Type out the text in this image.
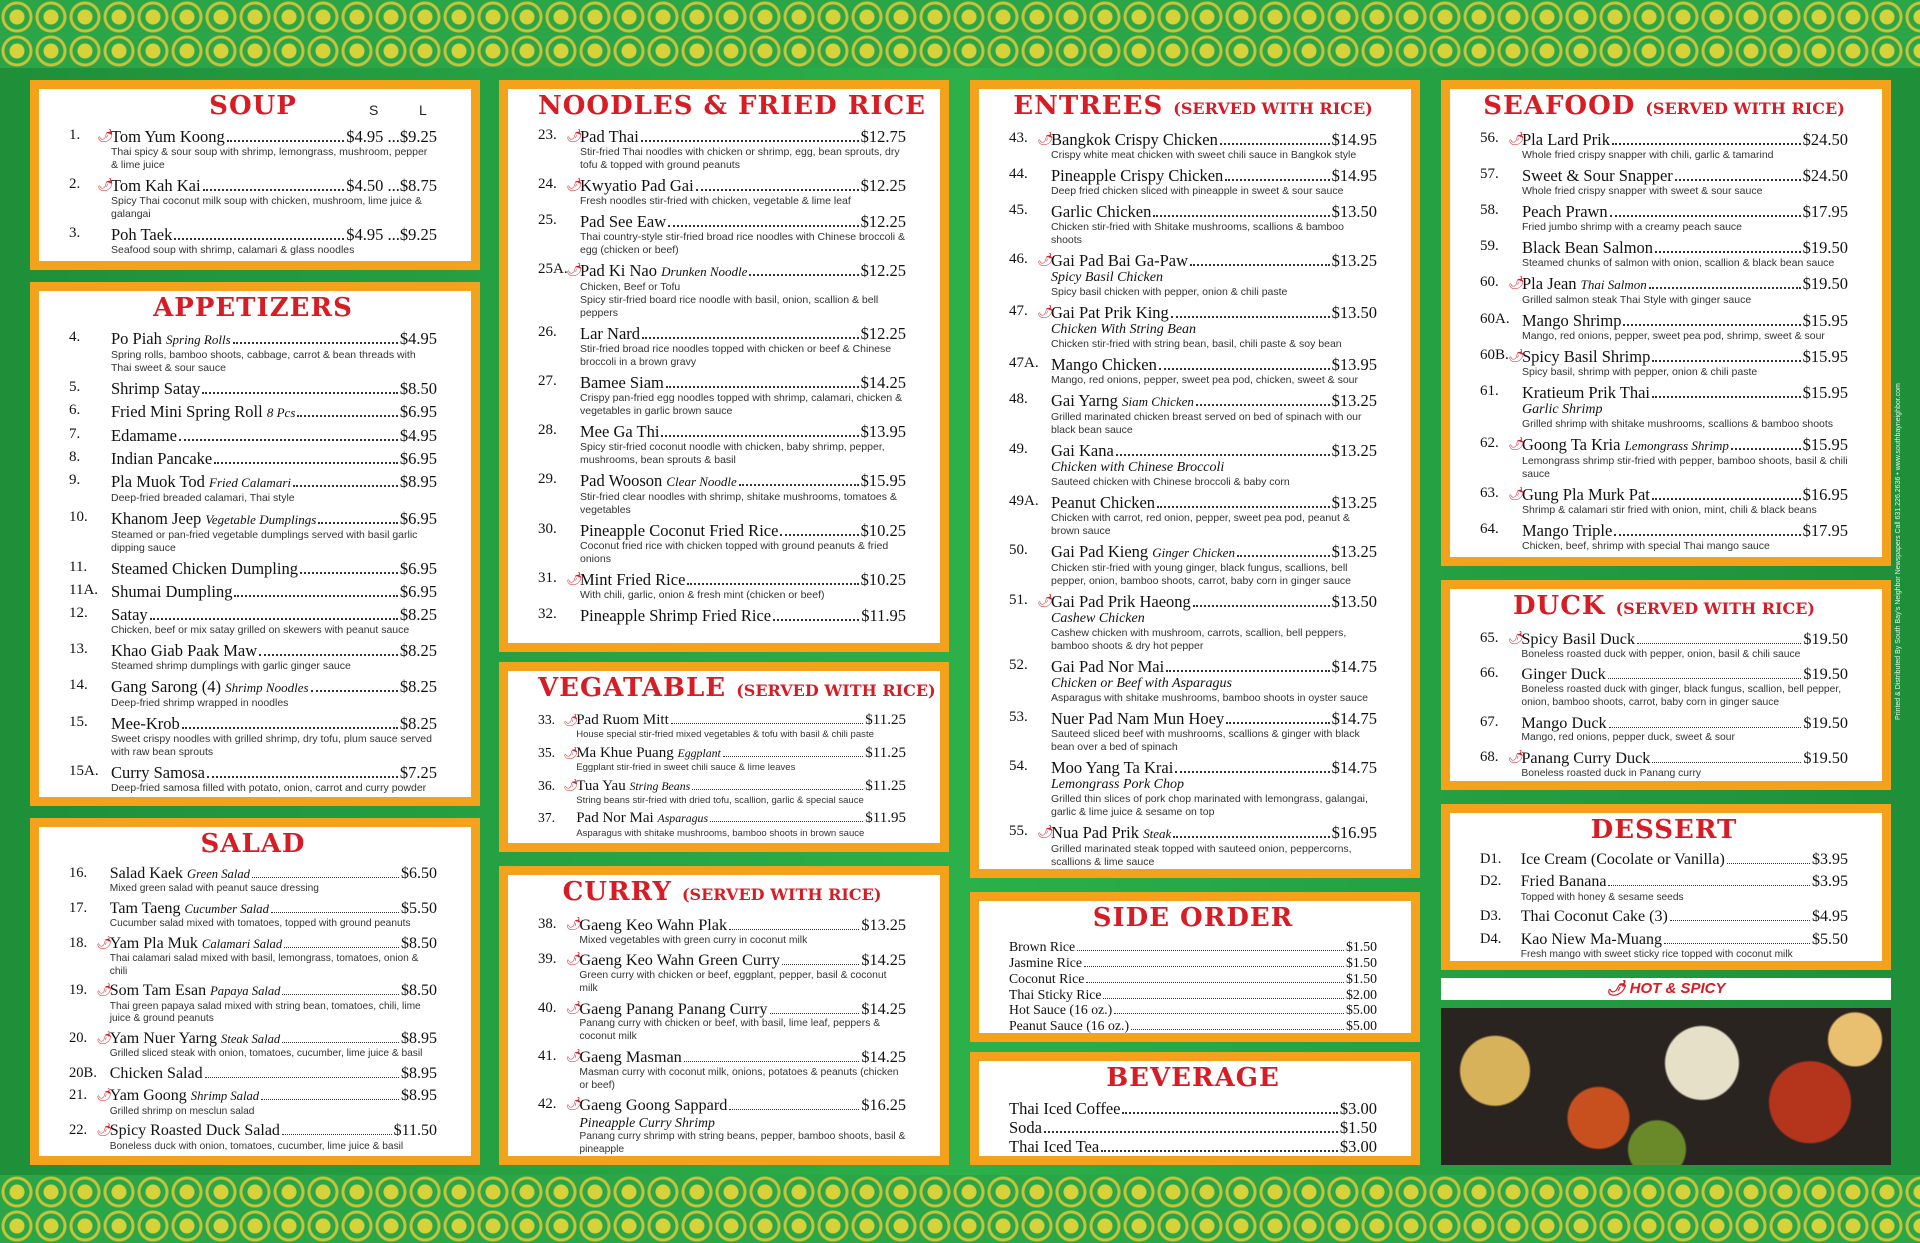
SOUP	S	L
1. 🌶
Tom Yum Koong	$4.95 ...$9.25
Thai spicy & sour soup with shrimp, lemongrass, mushroom, pepper & lime juice
2. 🌶
Tom Kah Kai	$4.50 ...$8.75
Spicy Thai coconut milk soup with chicken, mushroom, lime juice & galangai
3. Poh Taek	$4.95 ...$9.25
Seafood soup with shrimp, calamari & glass noodles
APPETIZERS
4. Po Piah Spring Rolls	$4.95
Spring rolls, bamboo shoots, cabbage, carrot & bean threads with Thai sweet & sour sauce
5. Shrimp Satay	$8.50
6. Fried Mini Spring Roll 8 Pcs	$6.95
7. Edamame	$4.95
8. Indian Pancake	$6.95
9. Pla Muok Tod Fried Calamari	$8.95
Deep-fried breaded calamari, Thai style
10. Khanom Jeep Vegetable Dumplings	$6.95
Steamed or pan-fried vegetable dumplings served with basil garlic dipping sauce
11. Steamed Chicken Dumpling	$6.95
11A. Shumai Dumpling	$6.95
12. Satay	$8.25
Chicken, beef or mix satay grilled on skewers with peanut sauce
13. Khao Giab Paak Maw	$8.25
Steamed shrimp dumplings with garlic ginger sauce
14. Gang Sarong (4) Shrimp Noodles	$8.25
Deep-fried shrimp wrapped in noodles
15. Mee-Krob	$8.25
Sweet crispy noodles with grilled shrimp, dry tofu, plum sauce served with raw bean sprouts
15A. Curry Samosa	$7.25
Deep-fried samosa filled with potato, onion, carrot and curry powder
SALAD
16. Salad Kaek Green Salad	$6.50
Mixed green salad with peanut sauce dressing
17. Tam Taeng Cucumber Salad	$5.50
Cucumber salad mixed with tomatoes, topped with ground peanuts
18. 🌶
Yam Pla Muk Calamari Salad	$8.50
Thai calamari salad mixed with basil, lemongrass, tomatoes, onion & chili
19. 🌶
Som Tam Esan Papaya Salad	$8.50
Thai green papaya salad mixed with string bean, tomatoes, chili, lime juice & ground peanuts
20. 🌶
Yam Nuer Yarng Steak Salad	$8.95
Grilled sliced steak with onion, tomatoes, cucumber, lime juice & basil
20B. Chicken Salad	$8.95
21. 🌶
Yam Goong Shrimp Salad	$8.95
Grilled shrimp on mesclun salad
22. 🌶
Spicy Roasted Duck Salad	$11.50
Boneless duck with onion, tomatoes, cucumber, lime juice & basil
NOODLES & FRIED RICE
23. 🌶
Pad Thai	$12.75
Stir-fried Thai noodles with chicken or shrimp, egg, bean sprouts, dry tofu & topped with ground peanuts
24. 🌶
Kwyatio Pad Gai	$12.25
Fresh noodles stir-fried with chicken, vegetable & lime leaf
25. Pad See Eaw	$12.25
Thai country-style stir-fried broad rice noodles with Chinese broccoli & egg (chicken or beef)
25A.
🌶
Pad Ki Nao Drunken Noodle	$12.25
Chicken, Beef or Tofu
Spicy stir-fried board rice noodle with basil, onion, scallion & bell peppers
26. Lar Nard	$12.25
Stir-fried broad rice noodles topped with chicken or beef & Chinese broccoli in a brown gravy
27. Bamee Siam	$14.25
Crispy pan-fried egg noodles topped with shrimp, calamari, chicken & vegetables in garlic brown sauce
28. Mee Ga Thi	$13.95
Spicy stir-fried coconut noodle with chicken, baby shrimp, pepper, mushrooms, bean sprouts & basil
29. Pad Wooson Clear Noodle	$15.95
Stir-fried clear noodles with shrimp, shitake mushrooms, tomatoes & vegetables
30. Pineapple Coconut Fried Rice	$10.25
Coconut fried rice with chicken topped with ground peanuts & fried onions
31. 🌶
Mint Fried Rice	$10.25
With chili, garlic, onion & fresh mint (chicken or beef)
32. Pineapple Shrimp Fried Rice	$11.95
VEGATABLE (SERVED WITH RICE)
33. 🌶
Pad Ruom Mitt	$11.25
House special stir-fried mixed vegetables & tofu with basil & chili paste
35. 🌶
Ma Khue Puang Eggplant	$11.25
Eggplant stir-fried in sweet chili sauce & lime leaves
36. 🌶
Tua Yau String Beans	$11.25
String beans stir-fried with dried tofu, scallion, garlic & special sauce
37. Pad Nor Mai Asparagus	$11.95
Asparagus with shitake mushrooms, bamboo shoots in brown sauce
CURRY (SERVED WITH RICE)
38. 🌶
Gaeng Keo Wahn Plak	$13.25
Mixed vegetables with green curry in coconut milk
39. 🌶
Gaeng Keo Wahn Green Curry	$14.25
Green curry with chicken or beef, eggplant, pepper, basil & coconut milk
40. 🌶
Gaeng Panang Panang Curry	$14.25
Panang curry with chicken or beef, with basil, lime leaf, peppers & coconut milk
41. 🌶
Gaeng Masman	$14.25
Masman curry with coconut milk, onions, potatoes & peanuts (chicken or beef)
42. 🌶
Gaeng Goong Sappard	$16.25
Pineapple Curry Shrimp
Panang curry shrimp with string beans, pepper, bamboo shoots, basil & pineapple
ENTREES (SERVED WITH RICE)
43. 🌶
Bangkok Crispy Chicken	$14.95
Crispy white meat chicken with sweet chili sauce in Bangkok style
44. Pineapple Crispy Chicken	$14.95
Deep fried chicken sliced with pineapple in sweet & sour sauce
45. Garlic Chicken	$13.50
Chicken stir-fried with Shitake mushrooms, scallions & bamboo shoots
46. 🌶
Gai Pad Bai Ga-Paw	$13.25
Spicy Basil Chicken
Spicy basil chicken with pepper, onion & chili paste
47. 🌶
Gai Pat Prik King	$13.50
Chicken With String Bean
Chicken stir-fried with string bean, basil, chili paste & soy bean
47A. Mango Chicken	$13.95
Mango, red onions, pepper, sweet pea pod, chicken, sweet & sour
48. Gai Yarng Siam Chicken	$13.25
Grilled marinated chicken breast served on bed of spinach with our black bean sauce
49. Gai Kana	$13.25
Chicken with Chinese Broccoli
Sauteed chicken with Chinese broccoli & baby corn
49A. Peanut Chicken	$13.25
Chicken with carrot, red onion, pepper, sweet pea pod, peanut & brown sauce
50. Gai Pad Kieng Ginger Chicken	$13.25
Chicken stir-fried with young ginger, black fungus, scallions, bell pepper, onion, bamboo shoots, carrot, baby corn in ginger sauce
51. 🌶
Gai Pad Prik Haeong	$13.50
Cashew Chicken
Cashew chicken with mushroom, carrots, scallion, bell peppers, bamboo shoots & dry hot pepper
52. Gai Pad Nor Mai	$14.75
Chicken or Beef with Asparagus
Asparagus with shitake mushrooms, bamboo shoots in oyster sauce
53. Nuer Pad Nam Mun Hoey	$14.75
Sauteed sliced beef with mushrooms, scallions & ginger with black bean over a bed of spinach
54. Moo Yang Ta Krai	$14.75
Lemongrass Pork Chop
Grilled thin slices of pork chop marinated with lemongrass, galangai, garlic & lime juice & sesame on top
55. 🌶
Nua Pad Prik Steak	$16.95
Grilled marinated steak topped with sauteed onion, peppercorns, scallions & lime sauce
SIDE ORDER
Brown Rice	$1.50
Jasmine Rice	$1.50
Coconut Rice	$1.50
Thai Sticky Rice	$2.00
Hot Sauce (16 oz.)	$5.00
Peanut Sauce (16 oz.)	$5.00
BEVERAGE
Thai Iced Coffee	$3.00
Soda	$1.50
Thai Iced Tea	$3.00
SEAFOOD (SERVED WITH RICE)
56. 🌶
Pla Lard Prik	$24.50
Whole fried crispy snapper with chili, garlic & tamarind
57. Sweet & Sour Snapper	$24.50
Whole fried crispy snapper with sweet & sour sauce
58. Peach Prawn	$17.95
Fried jumbo shrimp with a creamy peach sauce
59. Black Bean Salmon	$19.50
Steamed chunks of salmon with onion, scallion & black bean sauce
60. 🌶
Pla Jean Thai Salmon	$19.50
Grilled salmon steak Thai Style with ginger sauce
60A. Mango Shrimp	$15.95
Mango, red onions, pepper, sweet pea pod, shrimp, sweet & sour
60B. 🌶
Spicy Basil Shrimp	$15.95
Spicy basil, shrimp with pepper, onion & chili paste
61. Kratieum Prik Thai	$15.95
Garlic Shrimp
Grilled shrimp with shitake mushrooms, scallions & bamboo shoots
62. 🌶
Goong Ta Kria Lemongrass Shrimp	$15.95
Lemongrass shrimp stir-fried with pepper, bamboo shoots, basil & chili sauce
63. 🌶
Gung Pla Murk Pat	$16.95
Shrimp & calamari stir fried with onion, mint, chili & black beans
64. Mango Triple	$17.95
Chicken, beef, shrimp with special Thai mango sauce
DUCK (SERVED WITH RICE)
65. 🌶
Spicy Basil Duck	$19.50
Boneless roasted duck with pepper, onion, basil & chili sauce
66. Ginger Duck	$19.50
Boneless roasted duck with ginger, black fungus, scallion, bell pepper, onion, bamboo shoots, carrot, baby corn in ginger sauce
67. Mango Duck	$19.50
Mango, red onions, pepper duck, sweet & sour
68. 🌶
Panang Curry Duck	$19.50
Boneless roasted duck in Panang curry
DESSERT
D1. Ice Cream (Cocolate or Vanilla)	$3.95
D2. Fried Banana	$3.95
Topped with honey & sesame seeds
D3. Thai Coconut Cake (3)	$4.95
D4. Kao Niew Ma-Muang	$5.50
Fresh mango with sweet sticky rice topped with coconut milk
🌶 HOT & SPICY
Printed & Distributed By South Bay's Neighbor Newspapers Call 631.226.2636 • www.southbayneighbor.com
